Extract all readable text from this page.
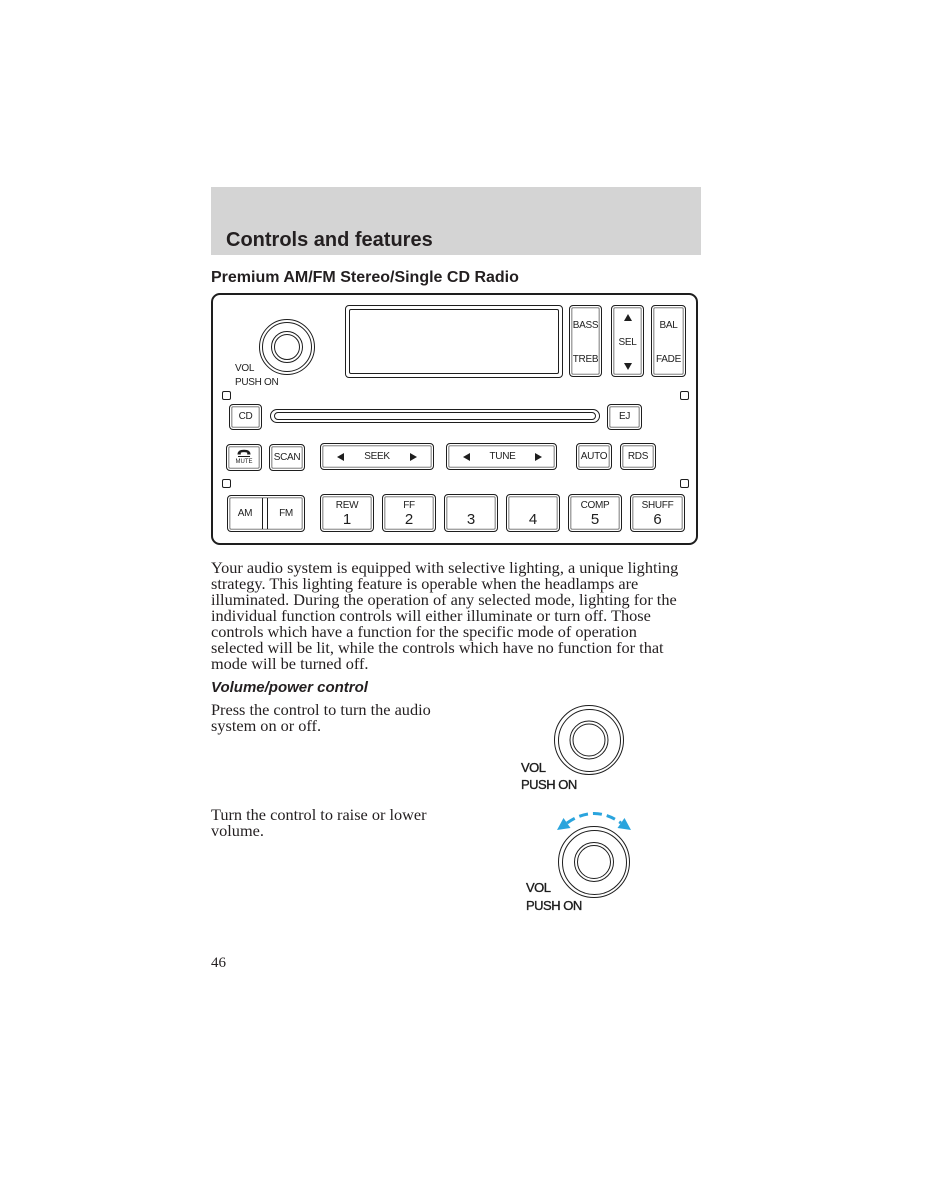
Controls and features
Premium AM/FM Stereo/Single CD Radio
VOL
PUSH ON
BASS
TREB
SEL
BAL
FADE
CD	EJ
MUTE	SCAN	SEEK	TUNE	AUTO RDS
AM	FM
REW
1
FF
2	3	4
COMP
5
SHUFF
6
Your audio system is equipped with selective lighting, a unique lighting
strategy. This lighting feature is operable when the headlamps are
illuminated. During the operation of any selected mode, lighting for the
individual function controls will either illuminate or turn off. Those
controls which have a function for the specific mode of operation
selected will be lit, while the controls which have no function for that
mode will be turned off.
Volume/power control
Press the control to turn the audio
system on or off.
VOL
PUSH ON
Turn the control to raise or lower
volume.
VOL
PUSH ON
46
